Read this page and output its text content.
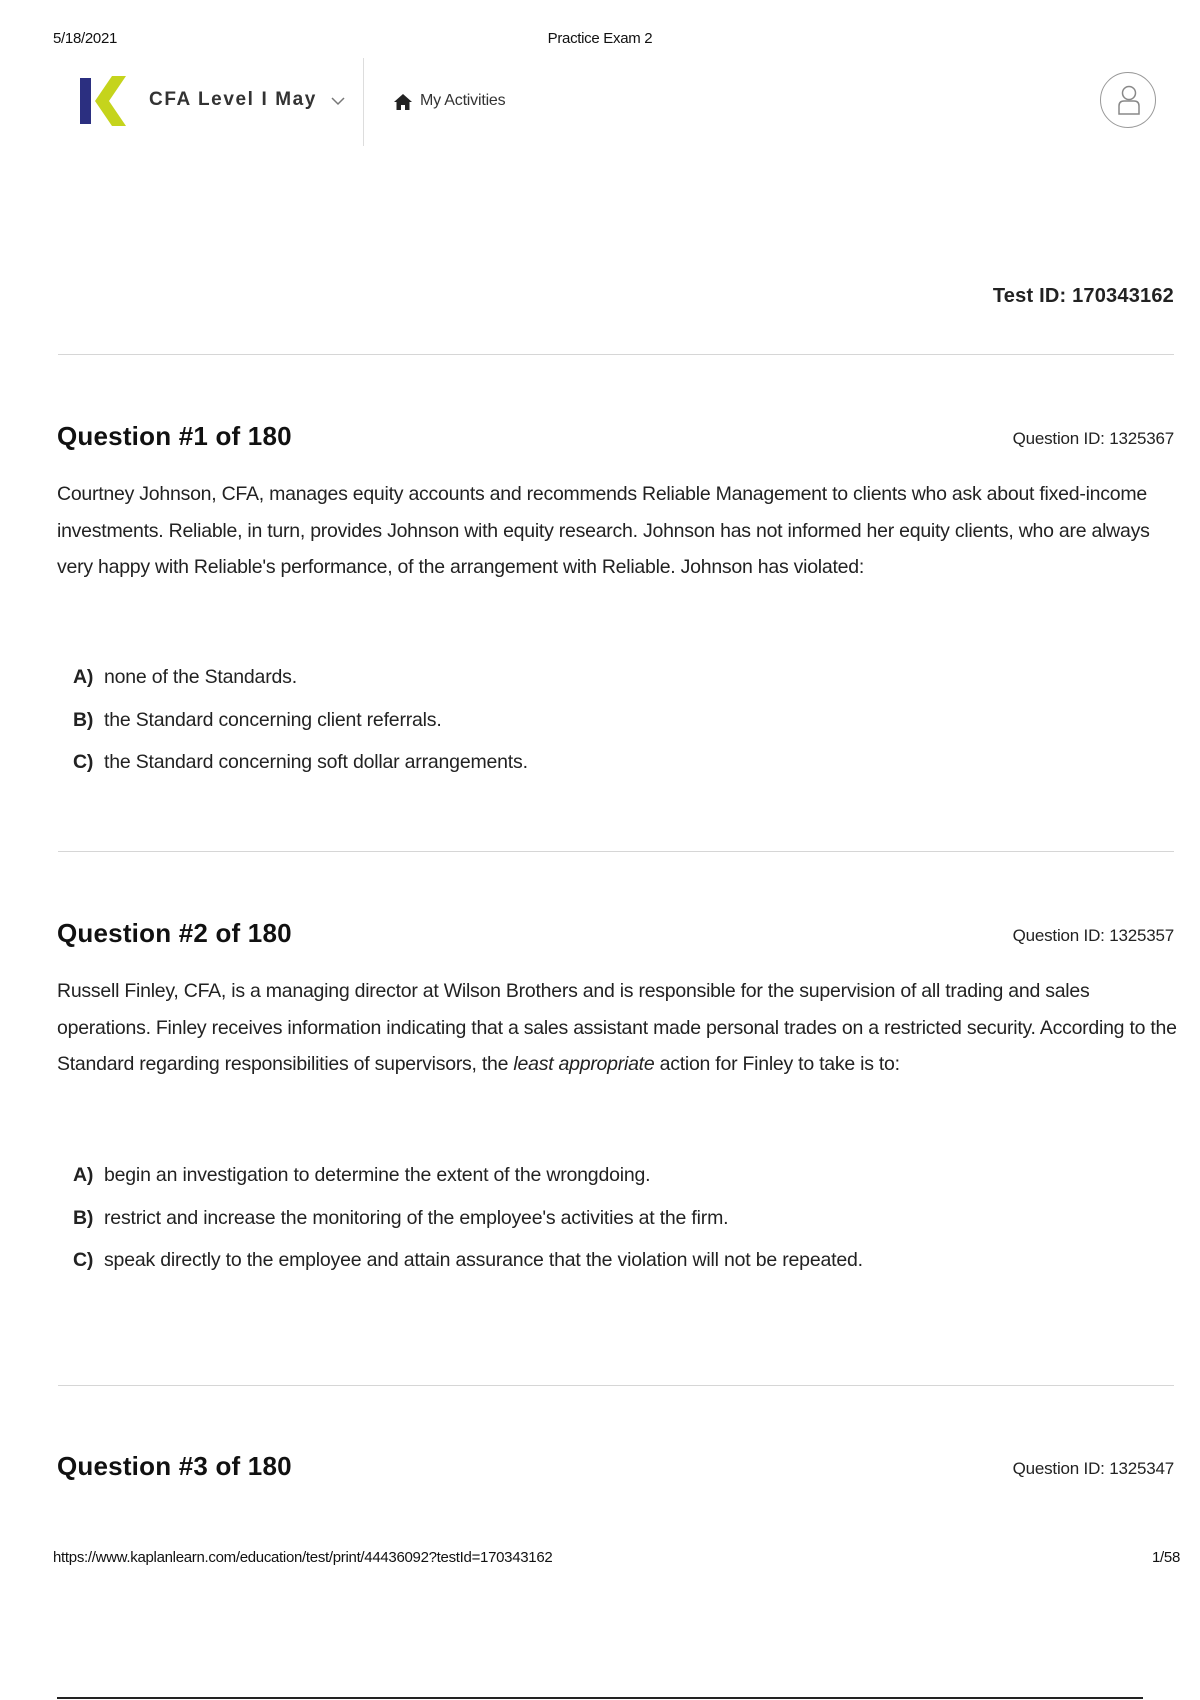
5/18/2021	Practice Exam 2
CFA Level I May	My Activities
Test ID: 170343162
Question #1 of 180	Question ID: 1325367

Courtney Johnson, CFA, manages equity accounts and recommends Reliable Management to clients who ask about fixed-income investments. Reliable, in turn, provides Johnson with equity research. Johnson has not informed her equity clients, who are always very happy with Reliable's performance, of the arrangement with Reliable. Johnson has violated:

A) none of the Standards.
B) the Standard concerning client referrals.
C) the Standard concerning soft dollar arrangements.
Question #2 of 180	Question ID: 1325357

Russell Finley, CFA, is a managing director at Wilson Brothers and is responsible for the supervision of all trading and sales operations. Finley receives information indicating that a sales assistant made personal trades on a restricted security. According to the Standard regarding responsibilities of supervisors, the least appropriate action for Finley to take is to:

A) begin an investigation to determine the extent of the wrongdoing.
B) restrict and increase the monitoring of the employee's activities at the firm.
C) speak directly to the employee and attain assurance that the violation will not be repeated.
Question #3 of 180	Question ID: 1325347
https://www.kaplanlearn.com/education/test/print/44436092?testId=170343162	1/58
